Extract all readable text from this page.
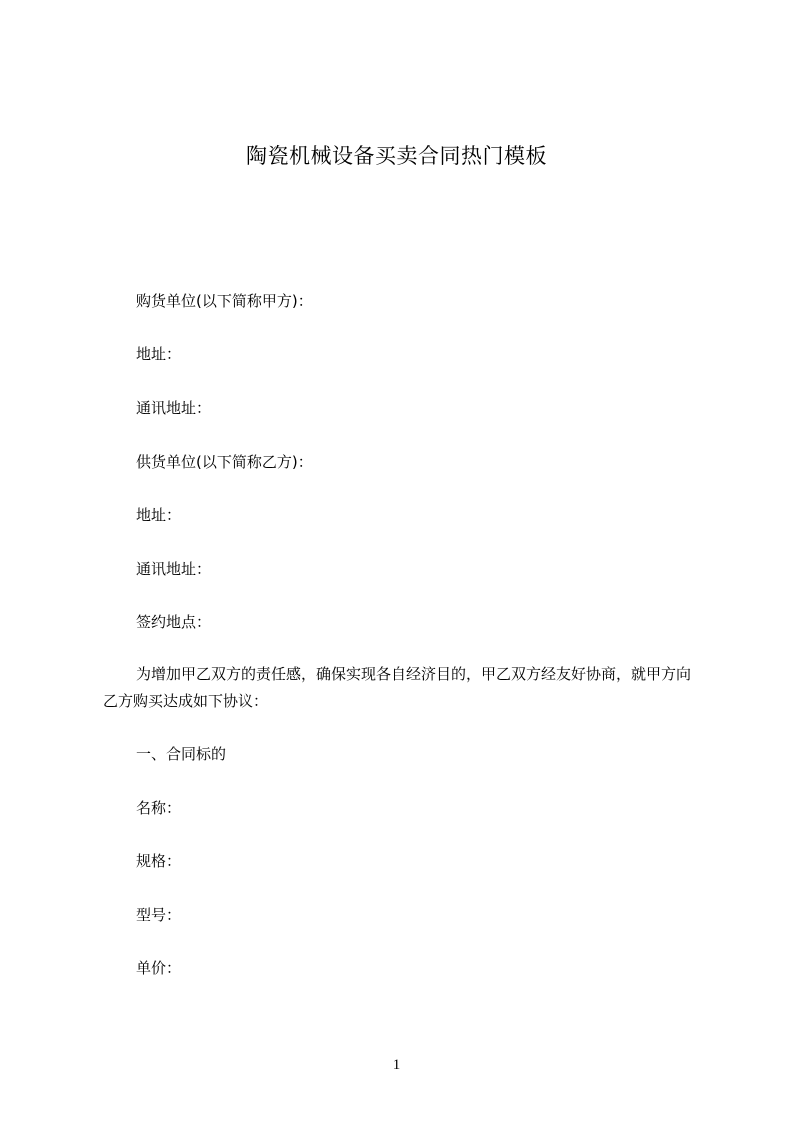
陶瓷机械设备买卖合同热门模板
购货单位(以下简称甲方)：
地址：
通讯地址：
供货单位(以下简称乙方)：
地址：
通讯地址：
签约地点：
为增加甲乙双方的责任感，确保实现各自经济目的，甲乙双方经友好协商，就甲方向乙方购买达成如下协议：
一、合同标的
名称：
规格：
型号：
单价：
1
